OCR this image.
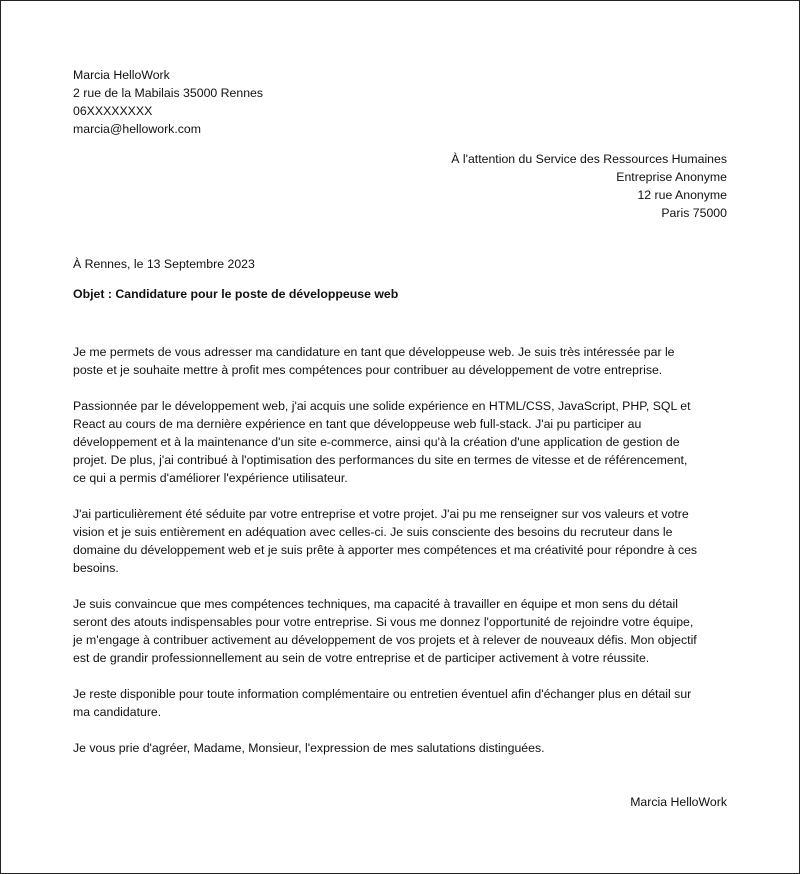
Marcia HelloWork
2 rue de la Mabilais 35000 Rennes
06XXXXXXXX
marcia@hellowork.com
À l'attention du Service des Ressources Humaines
Entreprise Anonyme
12 rue Anonyme
Paris 75000
À Rennes, le 13 Septembre 2023
Objet : Candidature pour le poste de développeuse web

Je me permets de vous adresser ma candidature en tant que développeuse web. Je suis très intéressée par le
poste et je souhaite mettre à profit mes compétences pour contribuer au développement de votre entreprise.

Passionnée par le développement web, j'ai acquis une solide expérience en HTML/CSS, JavaScript, PHP, SQL et
React au cours de ma dernière expérience en tant que développeuse web full-stack. J'ai pu participer au
développement et à la maintenance d'un site e-commerce, ainsi qu'à la création d'une application de gestion de
projet. De plus, j'ai contribué à l'optimisation des performances du site en termes de vitesse et de référencement,
ce qui a permis d'améliorer l'expérience utilisateur.

J'ai particulièrement été séduite par votre entreprise et votre projet. J'ai pu me renseigner sur vos valeurs et votre
vision et je suis entièrement en adéquation avec celles-ci. Je suis consciente des besoins du recruteur dans le
domaine du développement web et je suis prête à apporter mes compétences et ma créativité pour répondre à ces
besoins.

Je suis convaincue que mes compétences techniques, ma capacité à travailler en équipe et mon sens du détail
seront des atouts indispensables pour votre entreprise. Si vous me donnez l'opportunité de rejoindre votre équipe,
je m'engage à contribuer activement au développement de vos projets et à relever de nouveaux défis. Mon objectif
est de grandir professionnellement au sein de votre entreprise et de participer activement à votre réussite.

Je reste disponible pour toute information complémentaire ou entretien éventuel afin d'échanger plus en détail sur
ma candidature.

Je vous prie d'agréer, Madame, Monsieur, l'expression de mes salutations distinguées.

Marcia HelloWork
